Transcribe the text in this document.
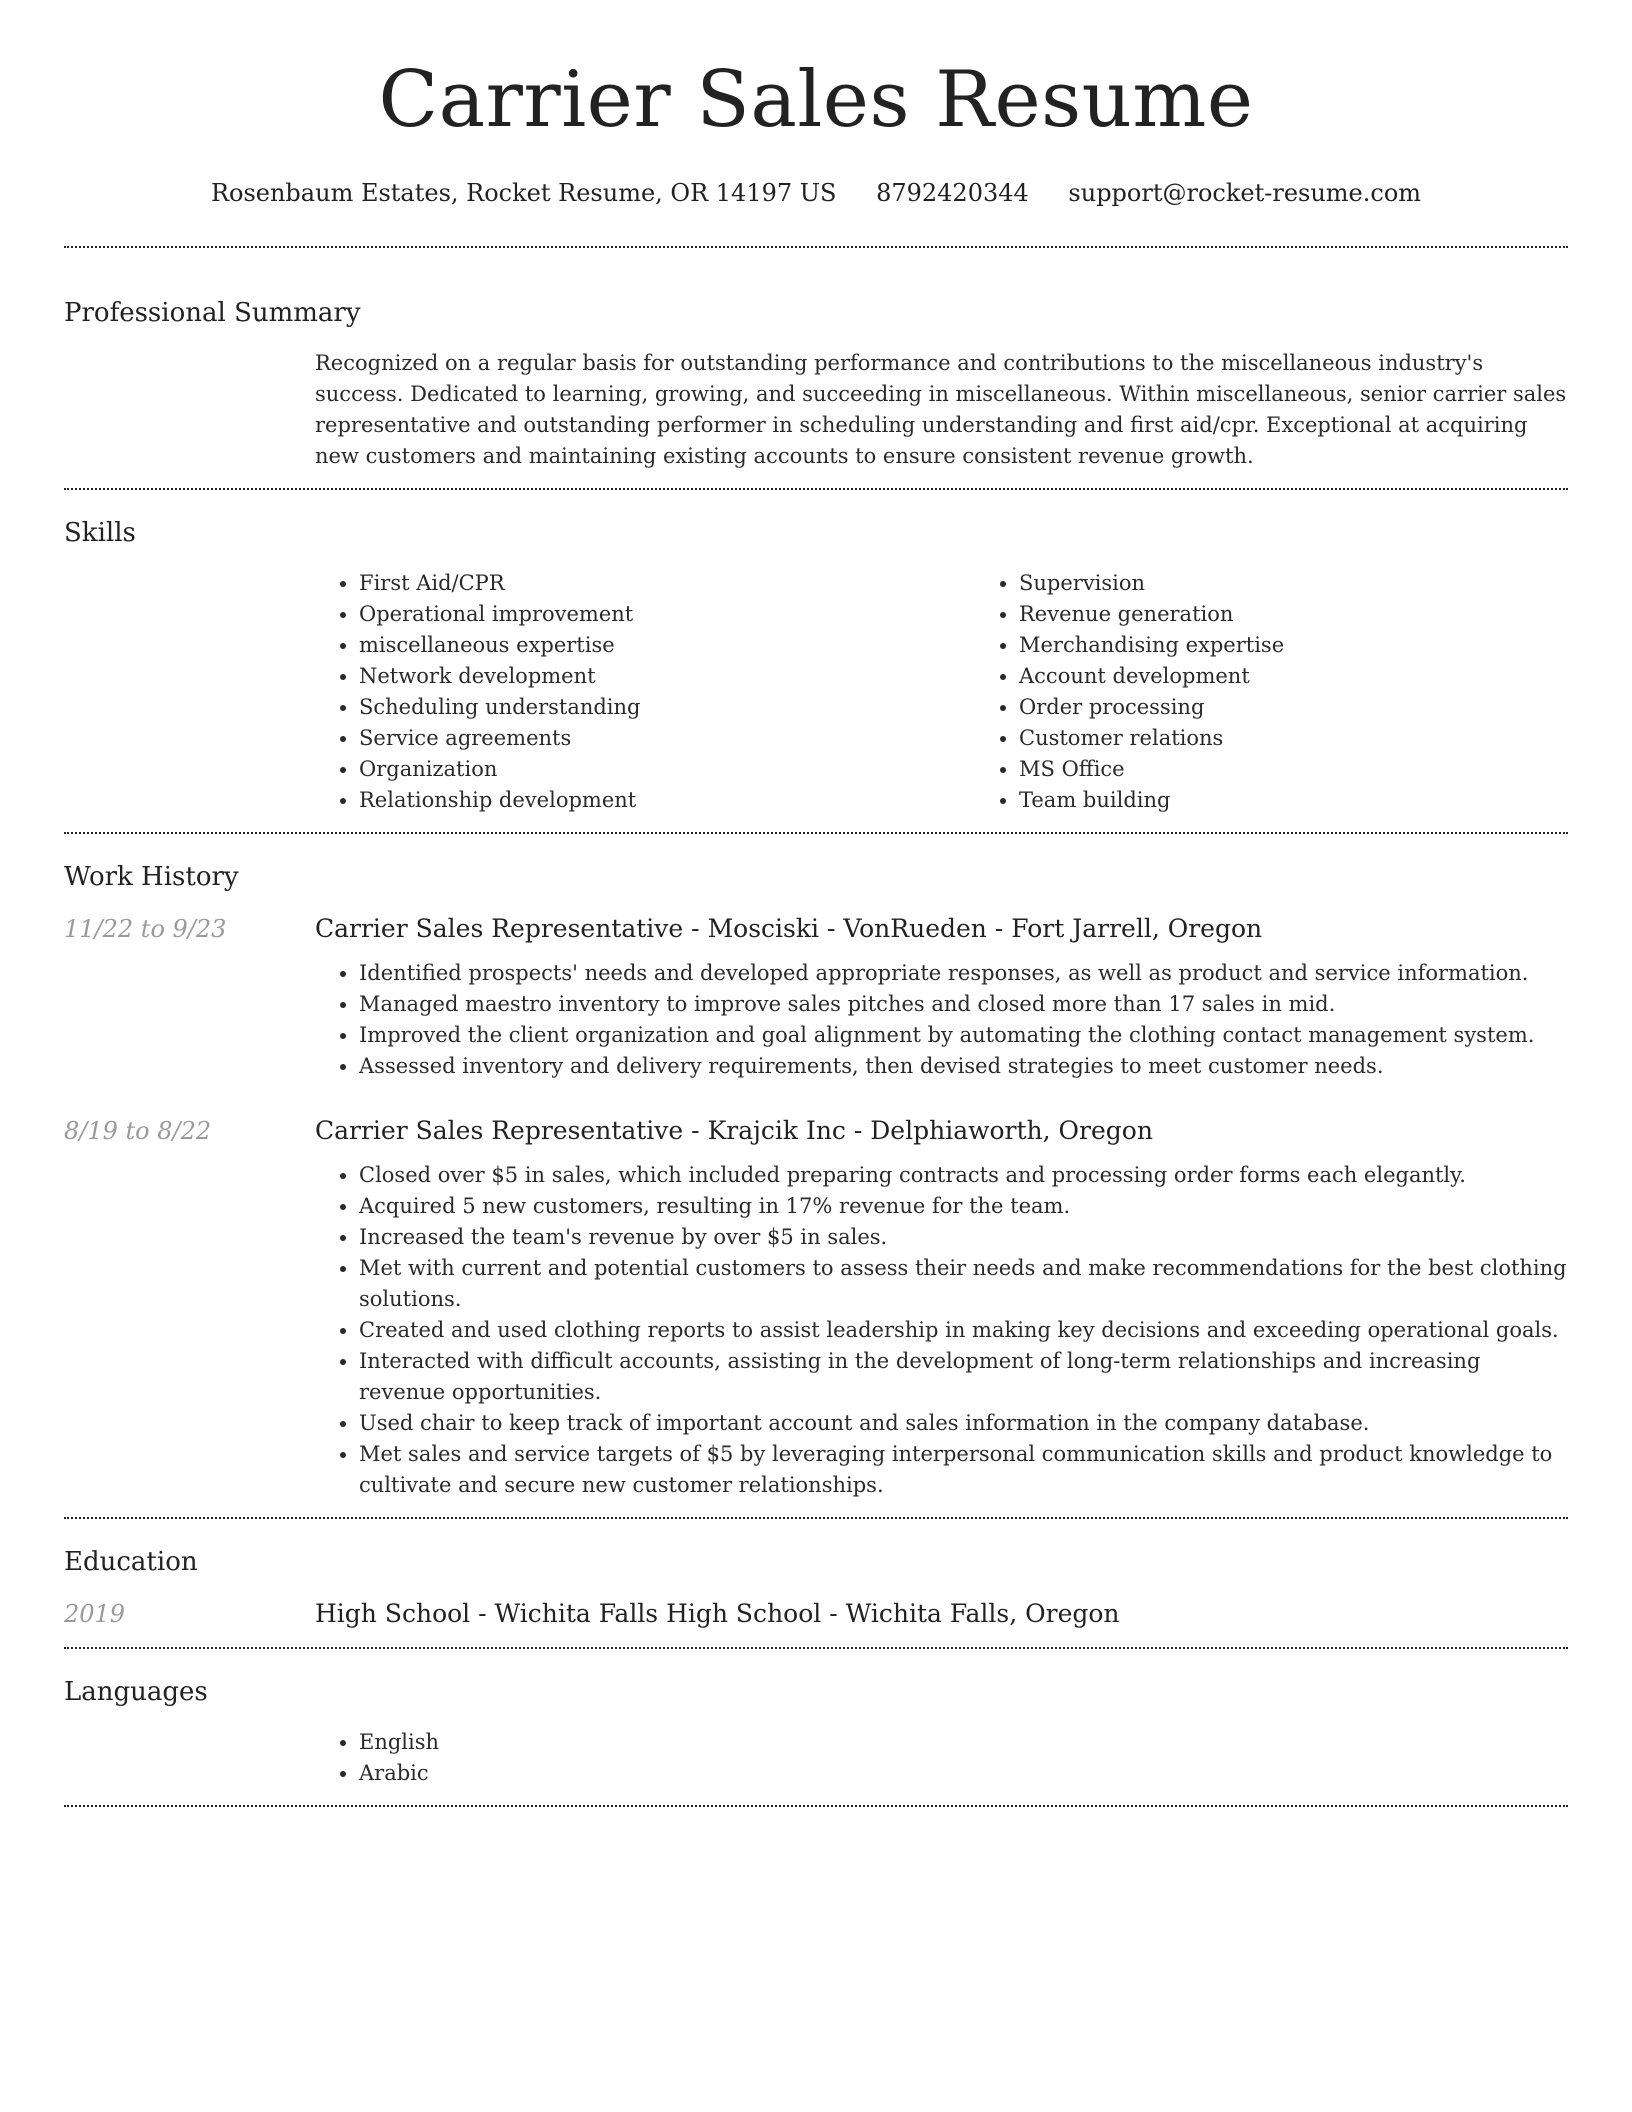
Carrier Sales Resume
Rosenbaum Estates, Rocket Resume, OR 14197 US 8792420344 support@rocket-resume.com
Professional Summary

Recognized on a regular basis for outstanding performance and contributions to the miscellaneous industry's success. Dedicated to learning, growing, and succeeding in miscellaneous. Within miscellaneous, senior carrier sales representative and outstanding performer in scheduling understanding and first aid/cpr. Exceptional at acquiring new customers and maintaining existing accounts to ensure consistent revenue growth.

Skills
• First Aid/CPR
• Operational improvement
• miscellaneous expertise
• Network development
• Scheduling understanding
• Service agreements
• Organization
• Relationship development
• Supervision
• Revenue generation
• Merchandising expertise
• Account development
• Order processing
• Customer relations
• MS Office
• Team building
Work History
11/22 to 9/23	Carrier Sales Representative - Mosciski - VonRueden - Fort Jarrell, Oregon
• Identified prospects' needs and developed appropriate responses, as well as product and service information.
• Managed maestro inventory to improve sales pitches and closed more than 17 sales in mid.
• Improved the client organization and goal alignment by automating the clothing contact management system.
• Assessed inventory and delivery requirements, then devised strategies to meet customer needs.
8/19 to 8/22	Carrier Sales Representative - Krajcik Inc - Delphiaworth, Oregon
• Closed over $5 in sales, which included preparing contracts and processing order forms each elegantly.
• Acquired 5 new customers, resulting in 17% revenue for the team.
• Increased the team's revenue by over $5 in sales.
• Met with current and potential customers to assess their needs and make recommendations for the best clothing solutions.
• Created and used clothing reports to assist leadership in making key decisions and exceeding operational goals.
• Interacted with difficult accounts, assisting in the development of long-term relationships and increasing revenue opportunities.
• Used chair to keep track of important account and sales information in the company database.
• Met sales and service targets of $5 by leveraging interpersonal communication skills and product knowledge to cultivate and secure new customer relationships.
Education
2019	High School - Wichita Falls High School - Wichita Falls, Oregon
Languages
• English
• Arabic
